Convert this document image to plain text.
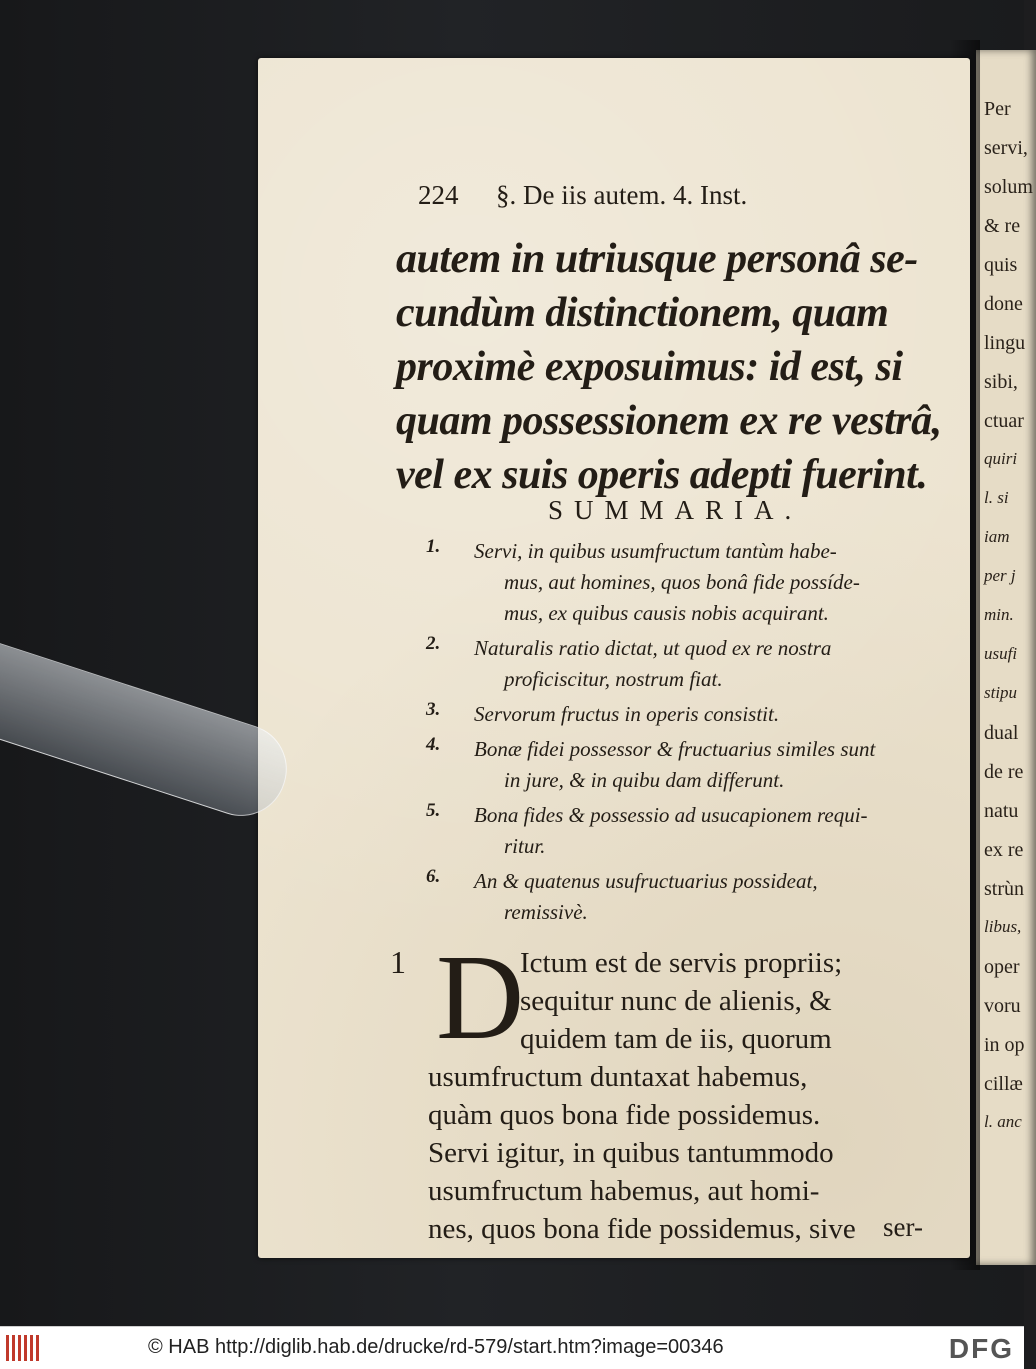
Per
servi,
solum
& re
quis
done
lingu
sibi,
ctuar
quiri
l. si
iam
per j
min.
usufi
stipu
dual
de re
natu
ex re
strùn
libus,
oper
voru
in op
cillæ
l. anc
224 §. De iis autem. 4. Inst.
autem in utriusque personâ se-
cundùm distinctionem, quam
proximè exposuimus: id est, si
quam possessionem ex re vestrâ,
vel ex suis operis adepti fuerint.
SUMMARIA.
1. Servi, in quibus usumfructum tantùm habe-
mus, aut homines, quos bonâ fide possíde-
mus, ex quibus causis nobis acquirant.
2. Naturalis ratio dictat, ut quod ex re nostra
proficiscitur, nostrum fiat.
3. Servorum fructus in operis consistit.
4. Bonæ fidei possessor & fructuarius similes sunt
in jure, & in quibu dam differunt.
5. Bona fides & possessio ad usucapionem requi-
ritur.
6. An & quatenus usufructuarius possideat,
remissivè.
1 D
Ictum est de servis propriis;
sequitur nunc de alienis, &
quidem tam de iis, quorum
usumfructum duntaxat habemus,
quàm quos bona fide possidemus.
Servi igitur, in quibus tantummodo
usumfructum habemus, aut homi-
nes, quos bona fide possidemus, sive	ser-
© HAB http://diglib.hab.de/drucke/rd-579/start.htm?image=00346	DFG
